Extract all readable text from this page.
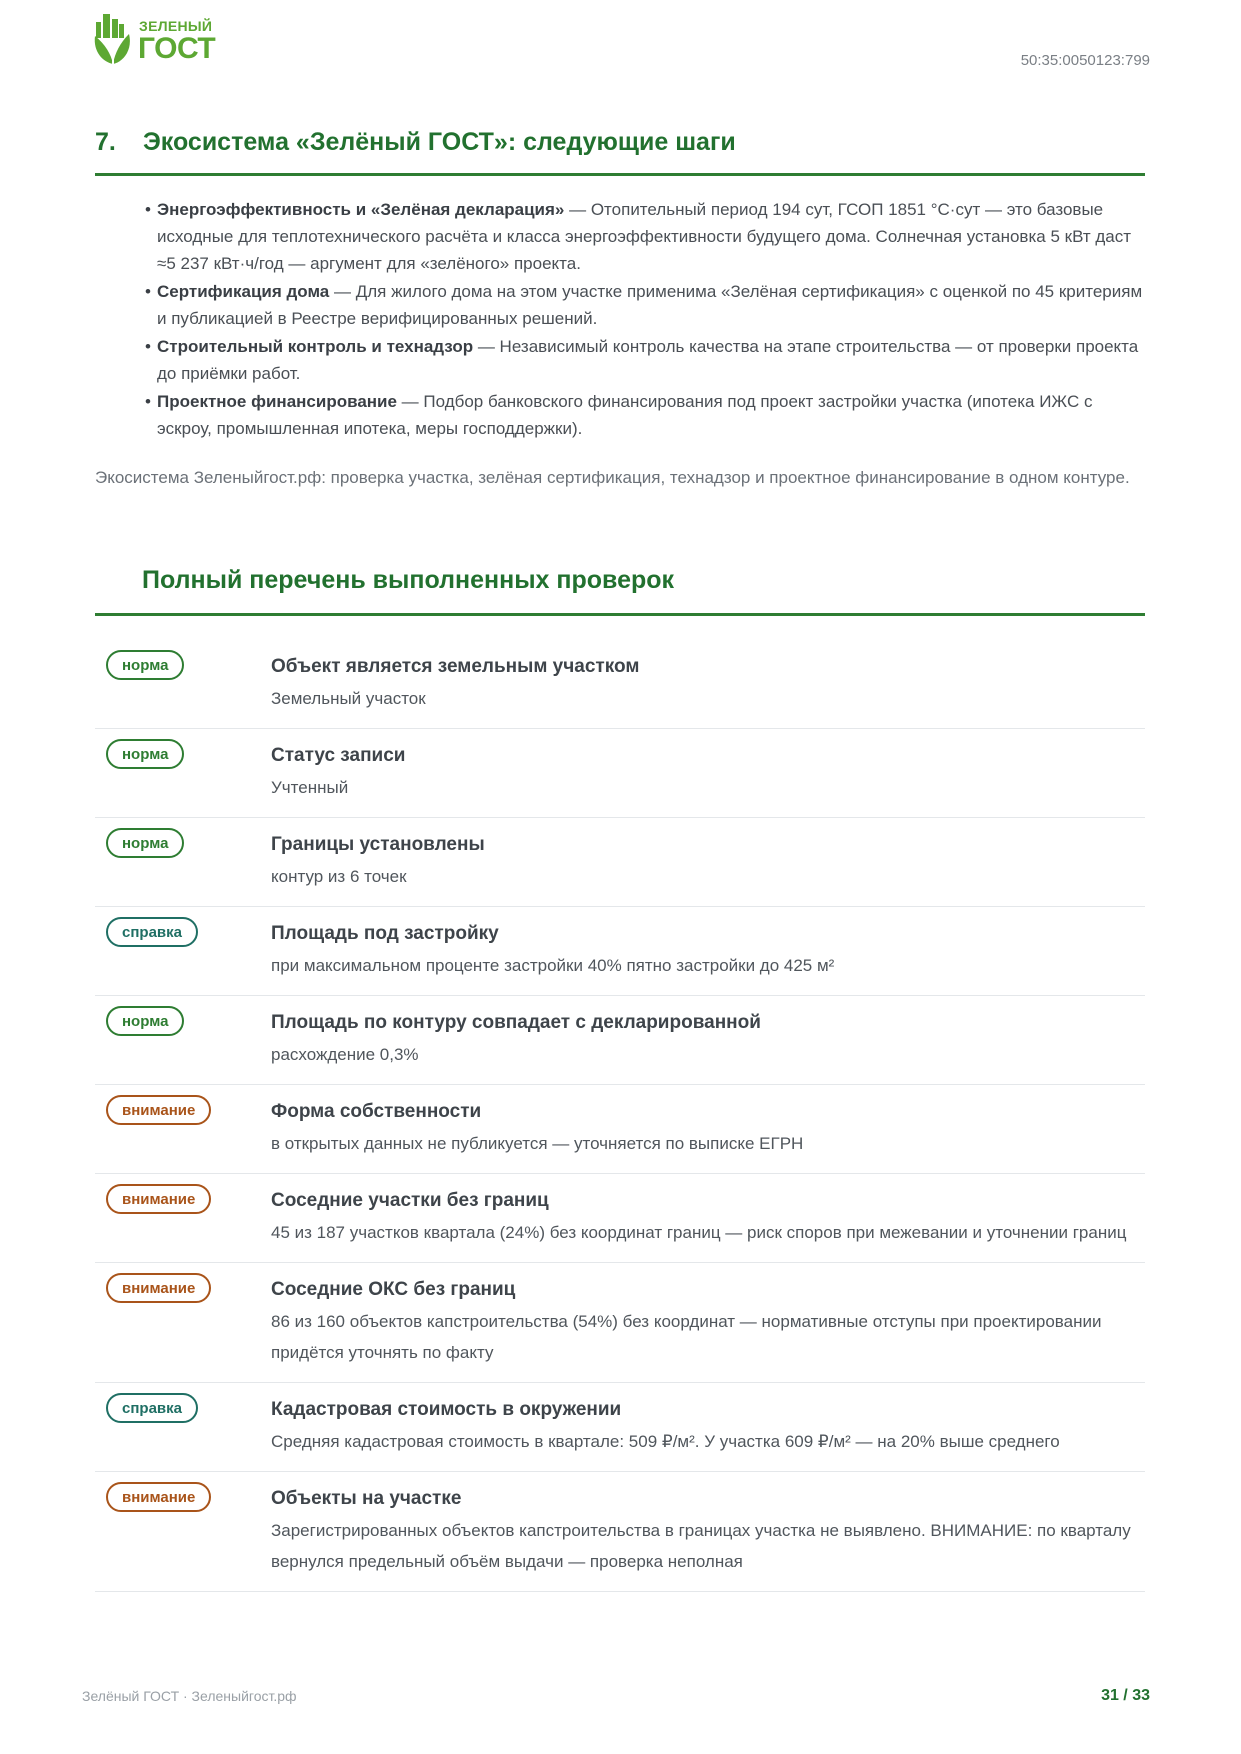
ЗЕЛЕНЫЙ
ГОСТ	50:35:0050123:799
7. Экосистема «Зелёный ГОСТ»: следующие шаги
• Энергоэффективность и «Зелёная декларация» — Отопительный период 194 сут, ГСОП 1851 °С·сут — это базовые исходные для теплотехнического расчёта и класса энергоэффективности будущего дома. Солнечная установка 5 кВт даст ≈5 237 кВт·ч/год — аргумент для «зелёного» проекта.
• Сертификация дома — Для жилого дома на этом участке применима «Зелёная сертификация» с оценкой по 45 критериям и публикацией в Реестре верифицированных решений.
• Строительный контроль и технадзор — Независимый контроль качества на этапе строительства — от проверки проекта до приёмки работ.
• Проектное финансирование — Подбор банковского финансирования под проект застройки участка (ипотека ИЖС с эскроу, промышленная ипотека, меры господдержки).
Экосистема Зеленыйгост.рф: проверка участка, зелёная сертификация, технадзор и проектное финансирование в одном контуре.
Полный перечень выполненных проверок
норма	Объект является земельным участком
Земельный участок
норма	Статус записи
Учтенный
норма	Границы установлены
контур из 6 точек
справка	Площадь под застройку
при максимальном проценте застройки 40% пятно застройки до 425 м²
норма	Площадь по контуру совпадает с декларированной
расхождение 0,3%
внимание	Форма собственности
в открытых данных не публикуется — уточняется по выписке ЕГРН
внимание	Соседние участки без границ
45 из 187 участков квартала (24%) без координат границ — риск споров при межевании и уточнении границ
внимание	Соседние ОКС без границ
86 из 160 объектов капстроительства (54%) без координат — нормативные отступы при проектировании придётся уточнять по факту
справка	Кадастровая стоимость в окружении
Средняя кадастровая стоимость в квартале: 509 ₽/м². У участка 609 ₽/м² — на 20% выше среднего
внимание	Объекты на участке
Зарегистрированных объектов капстроительства в границах участка не выявлено. ВНИМАНИЕ: по кварталу вернулся предельный объём выдачи — проверка неполная
Зелёный ГОСТ · Зеленыйгост.рф	31 / 33
